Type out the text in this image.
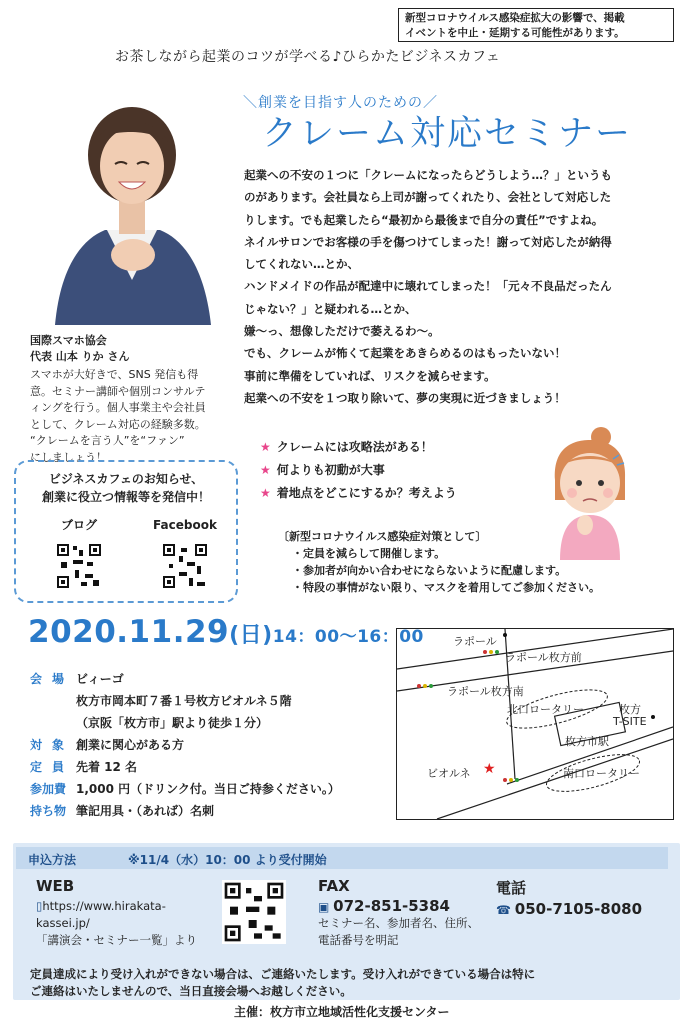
新型コロナウイルス感染症拡大の影響で、掲載
イベントを中止・延期する可能性があります。
お茶しながら起業のコツが学べる♪ひらかたビジネスカフェ
＼創業を目指す人のための／
クレーム対応セミナー
国際スマホ協会
代表 山本 りか さん
スマホが大好きで、SNS 発信も得
意。セミナー講師や個別コンサルテ
ィングを行う。個人事業主や会社員
として、クレーム対応の経験多数。
“クレームを言う人”を“ファン”
にしましょう！

起業への不安の１つに「クレームになったらどうしよう…？」というも

のがあります。会社員なら上司が謝ってくれたり、会社として対応した

りします。でも起業したら“最初から最後まで自分の責任”ですよね。

ネイルサロンでお客様の手を傷つけてしまった！謝って対応したが納得

してくれない…とか、

ハンドメイドの作品が配達中に壊れてしまった！「元々不良品だったん

じゃない？」と疑われる…とか、

嫌〜っ、想像しただけで萎えるわ〜。

でも、クレームが怖くて起業をあきらめるのはもったいない！

事前に準備をしていれば、リスクを減らせます。

起業への不安を１つ取り除いて、夢の実現に近づきましょう！

★ クレームには攻略法がある！
★ 何よりも初動が大事
★ 着地点をどこにするか？考えよう
〔新型コロナウイルス感染症対策として〕
・定員を減らして開催します。
・参加者が向かい合わせにならないように配慮します。
・特段の事情がない限り、マスクを着用してご参加ください。
ビジネスカフェのお知らせ、
創業に役立つ情報等を発信中！
ブログ	Facebook
2020.11.29(日)14：00～16：00
会場 ビィーゴ
枚方市岡本町７番１号枚方ビオルネ５階
（京阪「枚方市」駅より徒歩１分）
対象 創業に関心がある方
定員 先着 12 名
参加費 1,000 円（ドリンク付。当日ご持参ください。）
持ち物 筆記用具・（あれば）名刺
★
ラポール
ラポール枚方前
ラポール枚方南
北口ロータリー	枚方
T-SITE
枚方市駅
ビオルネ	南口ロータリー
申込方法	※11/4（水）10：00 より受付開始
WEB
▯https://www.hirakata-
kassei.jp/
「講演会・セミナー一覧」より
FAX
▣ 072-851-5384
セミナー名、参加者名、住所、
電話番号を明記
電話
☎ 050-7105-8080
定員達成により受け入れができない場合は、ご連絡いたします。受け入れができている場合は特に
ご連絡はいたしませんので、当日直接会場へお越しください。
主催：枚方市立地域活性化支援センター
